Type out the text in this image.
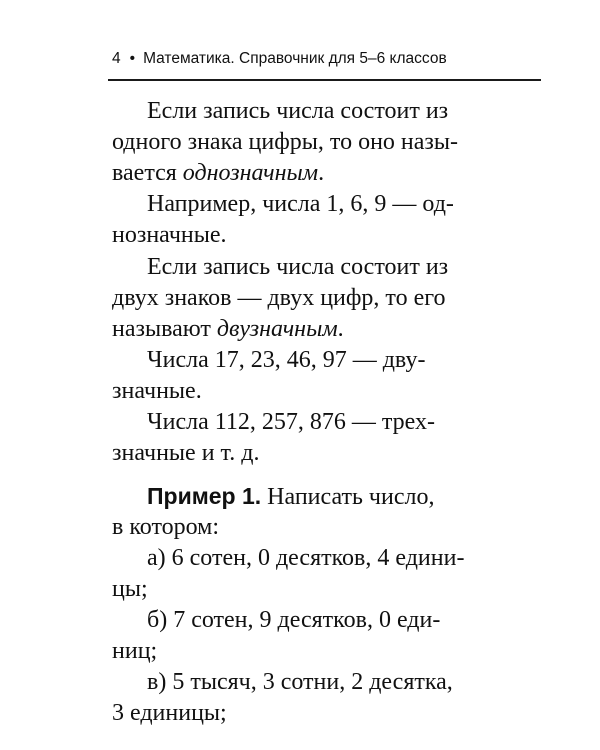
4 • Математика. Справочник для 5–6 классов
Если запись числа состоит из
одного знака цифры, то оно назы-
вается однозначным.
Например, числа 1, 6, 9 — од-
нозначные.
Если запись числа состоит из
двух знаков — двух цифр, то его
называют двузначным.
Числа 17, 23, 46, 97 — дву-
значные.
Числа 112, 257, 876 — трех-
значные и т. д.
Пример 1. Написать число,
в котором:
а) 6 сотен, 0 десятков, 4 едини-
цы;
б) 7 сотен, 9 десятков, 0 еди-
ниц;
в) 5 тысяч, 3 сотни, 2 десятка,
3 единицы;
